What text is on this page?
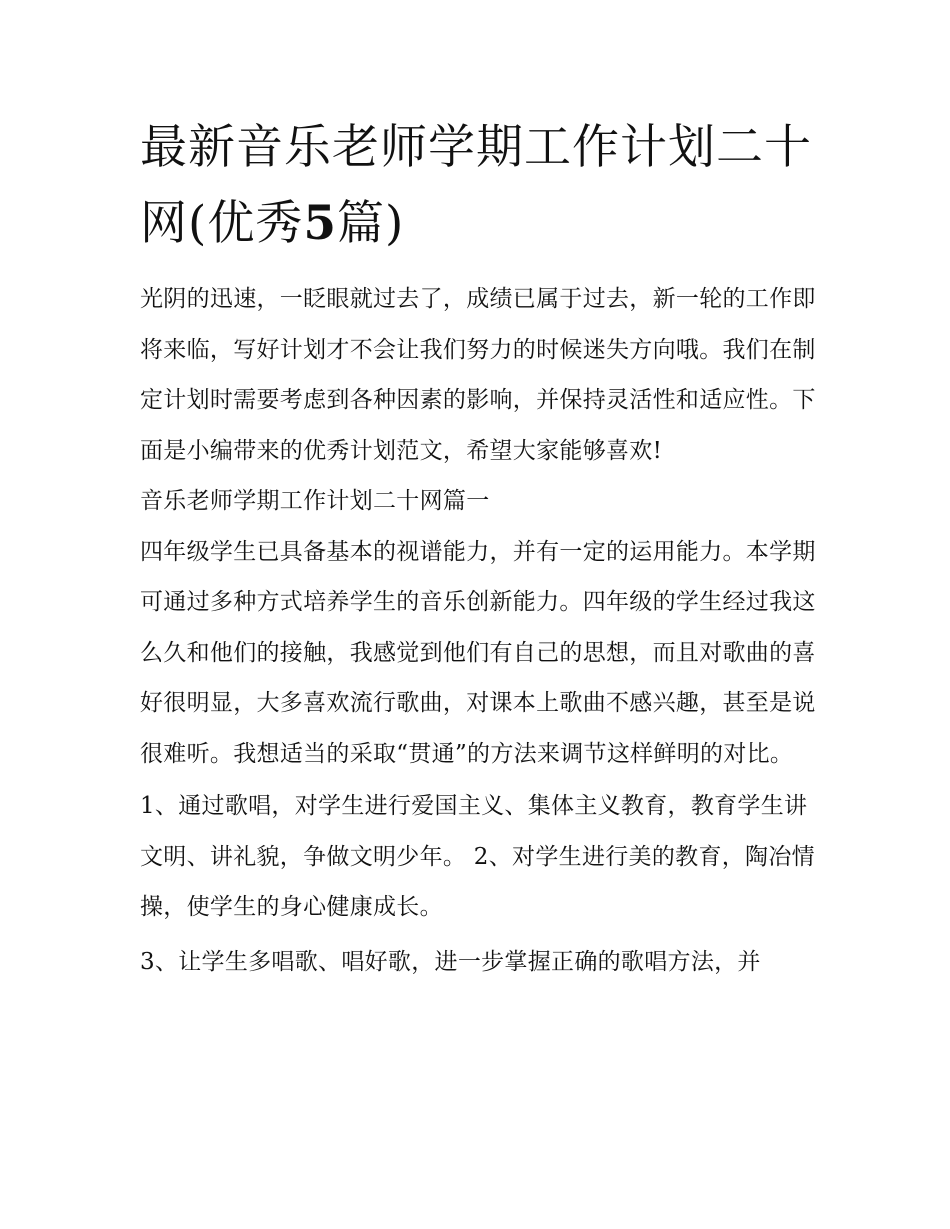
最新音乐老师学期工作计划二十网(优秀5篇)

光阴的迅速，一眨眼就过去了，成绩已属于过去，新一轮的工作即将来临，写好计划才不会让我们努力的时候迷失方向哦。我们在制定计划时需要考虑到各种因素的影响，并保持灵活性和适应性。下面是小编带来的优秀计划范文，希望大家能够喜欢!

音乐老师学期工作计划二十网篇一

四年级学生已具备基本的视谱能力，并有一定的运用能力。本学期可通过多种方式培养学生的音乐创新能力。四年级的学生经过我这么久和他们的接触，我感觉到他们有自己的思想，而且对歌曲的喜好很明显，大多喜欢流行歌曲，对课本上歌曲不感兴趣，甚至是说很难听。我想适当的采取“贯通”的方法来调节这样鲜明的对比。

1、通过歌唱，对学生进行爱国主义、集体主义教育，教育学生讲文明、讲礼貌，争做文明少年。 2、对学生进行美的教育，陶冶情操，使学生的身心健康成长。

3、让学生多唱歌、唱好歌，进一步掌握正确的歌唱方法，并
